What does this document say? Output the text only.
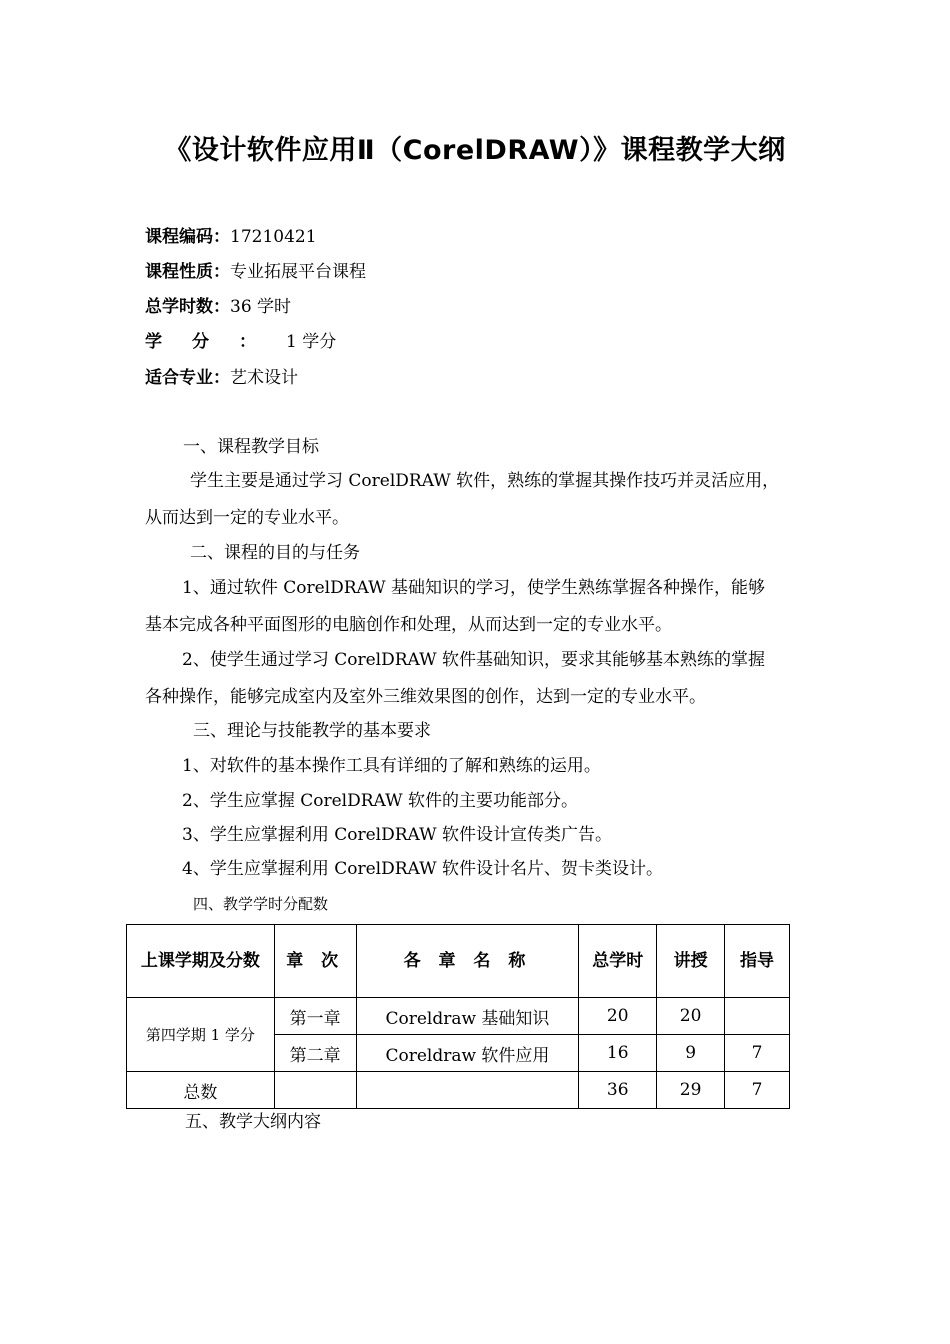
《设计软件应用Ⅱ（CorelDRAW）》课程教学大纲
课程编码：17210421
课程性质：专业拓展平台课程
总学时数：36 学时
学分：1 学分
适合专业：艺术设计
一、课程教学目标
学生主要是通过学习 CorelDRAW 软件，熟练的掌握其操作技巧并灵活应用，
从而达到一定的专业水平。
二、课程的目的与任务
1、通过软件 CorelDRAW 基础知识的学习，使学生熟练掌握各种操作，能够
基本完成各种平面图形的电脑创作和处理，从而达到一定的专业水平。
2、使学生通过学习 CorelDRAW 软件基础知识，要求其能够基本熟练的掌握
各种操作，能够完成室内及室外三维效果图的创作，达到一定的专业水平。
三、理论与技能教学的基本要求
1、对软件的基本操作工具有详细的了解和熟练的运用。
2、学生应掌握 CorelDRAW 软件的主要功能部分。
3、学生应掌握利用 CorelDRAW 软件设计宣传类广告。
4、学生应掌握利用 CorelDRAW 软件设计名片、贺卡类设计。
四、教学学时分配数
上课学期及分数	章 次	各 章 名 称	总学时	讲授	指导
第四学期 1 学分	第一章	Coreldraw 基础知识	20	20	
	第二章	Coreldraw 软件应用	16	9	7
总数			36	29	7
五、教学大纲内容
